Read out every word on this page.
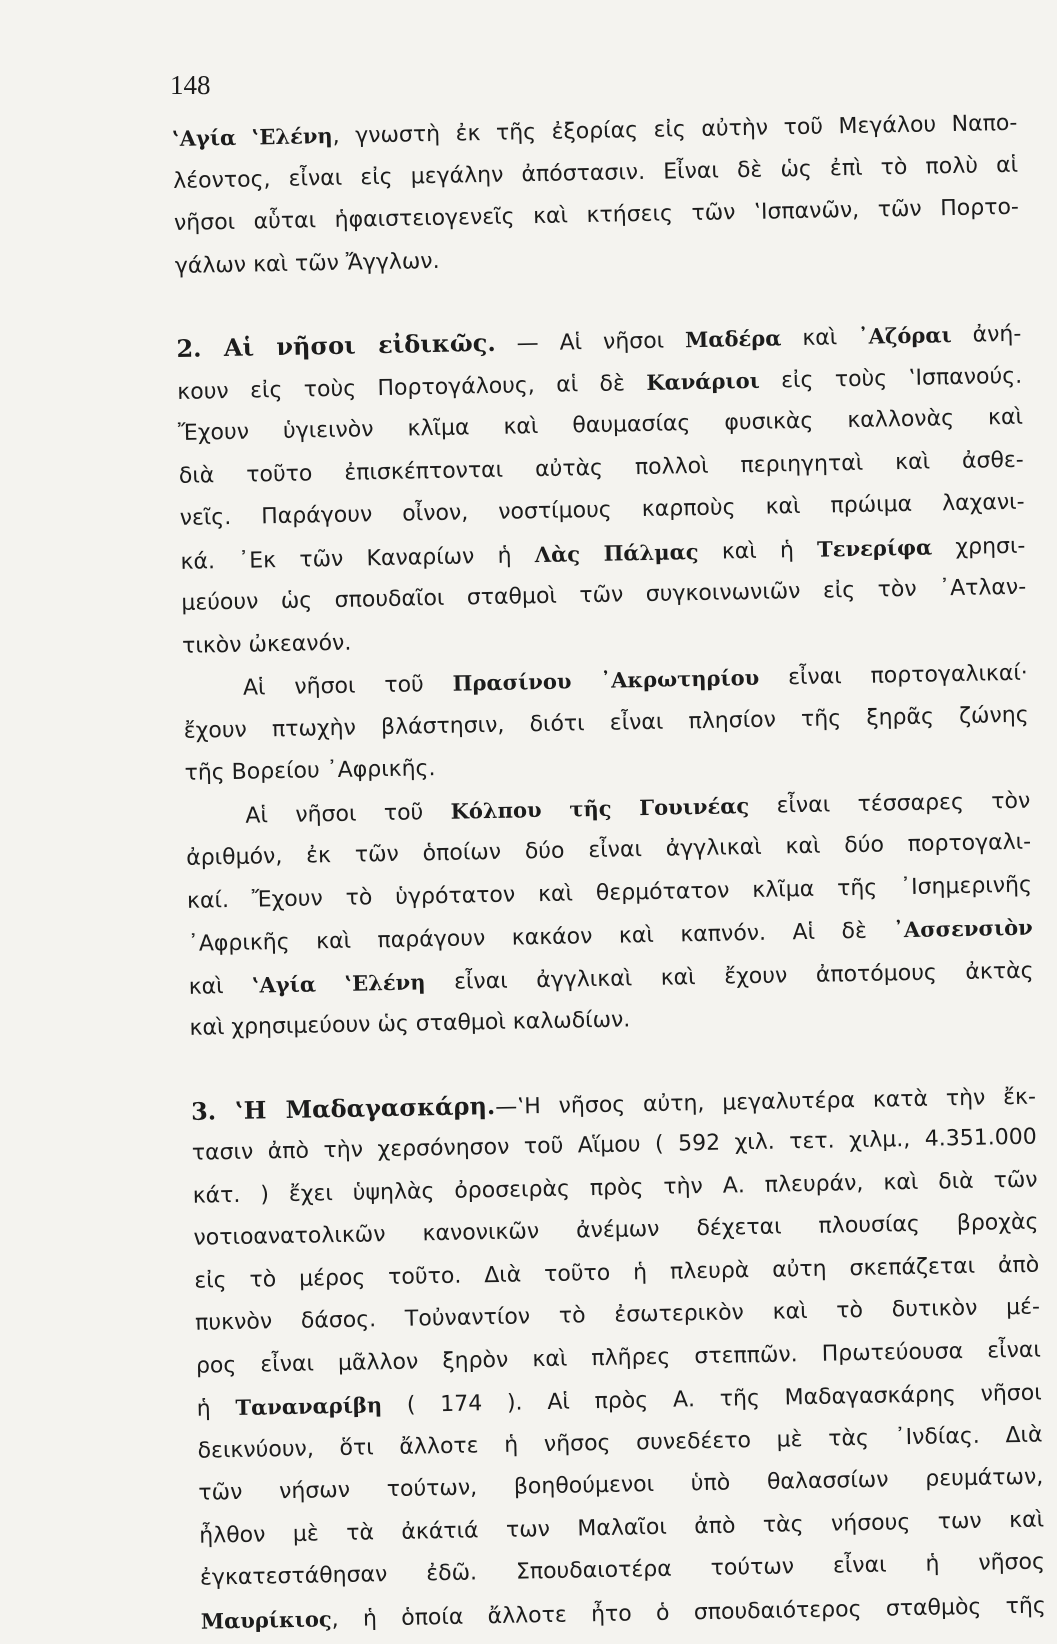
148
‛Αγία ‛Ελένη, γνωστὴ ἐκ τῆς ἐξορίας εἰς αὐτὴν τοῦ Μεγάλου Ναπο-
λέοντος, εἶναι εἰς μεγάλην ἀπόστασιν. Εἶναι δὲ ὡς ἐπὶ τὸ πολὺ αἱ
νῆσοι αὗται ἡφαιστειογενεῖς καὶ κτήσεις τῶν ‛Ισπανῶν, τῶν Πορτο-
γάλων καὶ τῶν Ἄγγλων.
2. Αἱ νῆσοι εἰδικῶς. — Αἱ νῆσοι Μαδέρα καὶ ᾿Αζόραι ἀνή-
κουν εἰς τοὺς Πορτογάλους, αἱ δὲ Κανάριοι εἰς τοὺς ‛Ισπανούς.
Ἔχουν ὑγιεινὸν κλῖμα καὶ θαυμασίας φυσικὰς καλλονὰς καὶ
διὰ τοῦτο ἐπισκέπτονται αὐτὰς πολλοὶ περιηγηταὶ καὶ ἀσθε-
νεῖς. Παράγουν οἶνον, νοστίμους καρποὺς καὶ πρώιμα λαχανι-
κά. ᾿Εκ τῶν Καναρίων ἡ Λὰς Πάλμας καὶ ἡ Τενερίφα χρησι-
μεύουν ὡς σπουδαῖοι σταθμοὶ τῶν συγκοινωνιῶν εἰς τὸν ᾿Ατλαν-
τικὸν ὠκεανόν.
Αἱ νῆσοι τοῦ Πρασίνου ᾿Ακρωτηρίου εἶναι πορτογαλικαί·
ἔχουν πτωχὴν βλάστησιν, διότι εἶναι πλησίον τῆς ξηρᾶς ζώνης
τῆς Βορείου ᾿Αφρικῆς.
Αἱ νῆσοι τοῦ Κόλπου τῆς Γουινέας εἶναι τέσσαρες τὸν
ἀριθμόν, ἐκ τῶν ὁποίων δύο εἶναι ἀγγλικαὶ καὶ δύο πορτογαλι-
καί. Ἔχουν τὸ ὑγρότατον καὶ θερμότατον κλῖμα τῆς ᾿Ισημερινῆς
᾿Αφρικῆς καὶ παράγουν κακάον καὶ καπνόν. Αἱ δὲ ᾿Ασσενσιὸν
καὶ ‛Αγία ‛Ελένη εἶναι ἀγγλικαὶ καὶ ἔχουν ἀποτόμους ἀκτὰς
καὶ χρησιμεύουν ὡς σταθμοὶ καλωδίων.
3. ‛Η Μαδαγασκάρη.—‛Η νῆσος αὐτη, μεγαλυτέρα κατὰ τὴν ἔκ-
τασιν ἀπὸ τὴν χερσόνησον τοῦ Αἵμου ( 592 χιλ. τετ. χιλμ., 4.351.000
κάτ. ) ἔχει ὑψηλὰς ὀροσειρὰς πρὸς τὴν Α. πλευράν, καὶ διὰ τῶν
νοτιοανατολικῶν κανονικῶν ἀνέμων δέχεται πλουσίας βροχὰς
εἰς τὸ μέρος τοῦτο. Διὰ τοῦτο ἡ πλευρὰ αὐτη σκεπάζεται ἀπὸ
πυκνὸν δάσος. Τοὐναντίον τὸ ἐσωτερικὸν καὶ τὸ δυτικὸν μέ-
ρος εἶναι μᾶλλον ξηρὸν καὶ πλῆρες στεππῶν. Πρωτεύουσα εἶναι
ἡ Ταναναρίβη ( 174 ). Αἱ πρὸς Α. τῆς Μαδαγασκάρης νῆσοι
δεικνύουν, ὅτι ἄλλοτε ἡ νῆσος συνεδέετο μὲ τὰς ᾿Ινδίας. Διὰ
τῶν νήσων τούτων, βοηθούμενοι ὑπὸ θαλασσίων ρευμάτων,
ἦλθον μὲ τὰ ἀκάτιά των Μαλαῖοι ἀπὸ τὰς νήσους των καὶ
ἐγκατεστάθησαν ἐδῶ. Σπουδαιοτέρα τούτων εἶναι ἡ νῆσος
Μαυρίκιος, ἡ ὁποία ἄλλοτε ἦτο ὁ σπουδαιότερος σταθμὸς τῆς
